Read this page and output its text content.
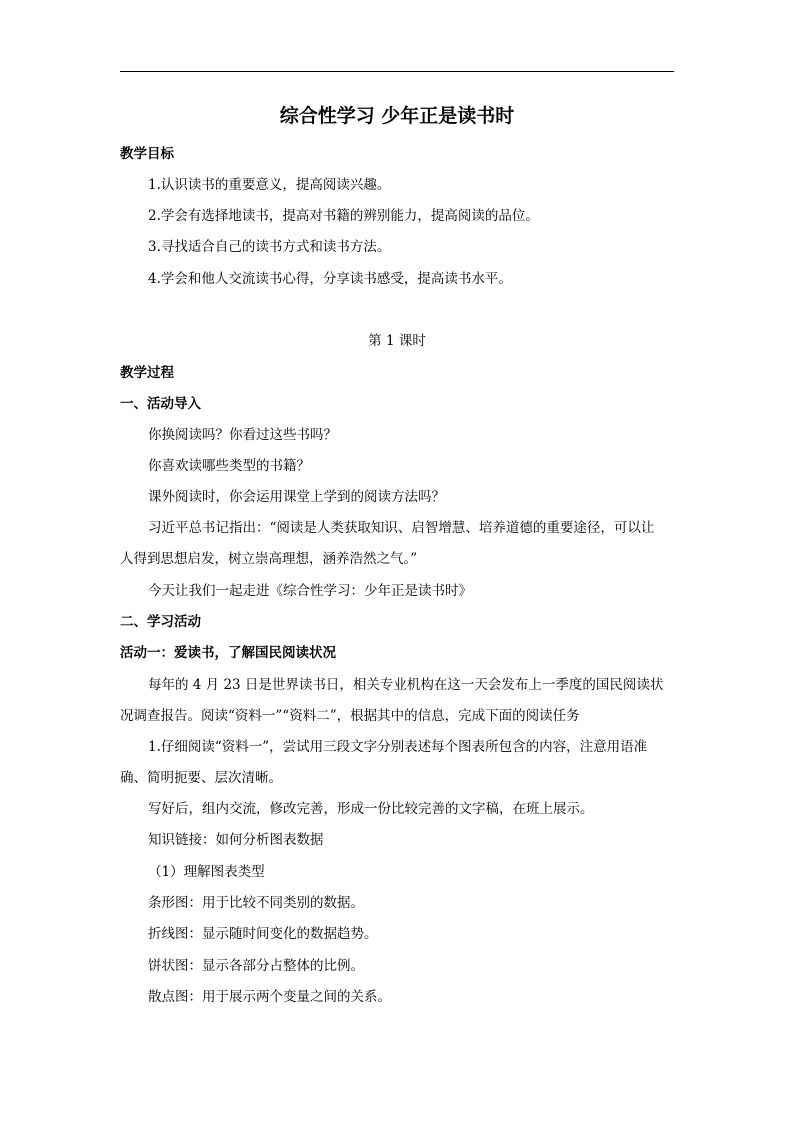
综合性学习 少年正是读书时
教学目标
1.认识读书的重要意义，提高阅读兴趣。
2.学会有选择地读书，提高对书籍的辨别能力，提高阅读的品位。
3.寻找适合自己的读书方式和读书方法。
4.学会和他人交流读书心得，分享读书感受，提高读书水平。
第 1 课时
教学过程
一、活动导入
你换阅读吗？你看过这些书吗？
你喜欢读哪些类型的书籍？
课外阅读时，你会运用课堂上学到的阅读方法吗？
习近平总书记指出：“阅读是人类获取知识、启智增慧、培养道德的重要途径，可以让
人得到思想启发，树立崇高理想，涵养浩然之气。”
今天让我们一起走进《综合性学习：少年正是读书时》
二、学习活动
活动一：爱读书，了解国民阅读状况
每年的 4 月 23 日是世界读书日，相关专业机构在这一天会发布上一季度的国民阅读状
况调查报告。阅读“资料一”“资料二”，根据其中的信息，完成下面的阅读任务
1.仔细阅读“资料一”，尝试用三段文字分别表述每个图表所包含的内容，注意用语准
确、简明扼要、层次清晰。
写好后，组内交流，修改完善，形成一份比较完善的文字稿，在班上展示。
知识链接：如何分析图表数据
（1）理解图表类型
条形图：用于比较不同类别的数据。
折线图：显示随时间变化的数据趋势。
饼状图：显示各部分占整体的比例。
散点图：用于展示两个变量之间的关系。
